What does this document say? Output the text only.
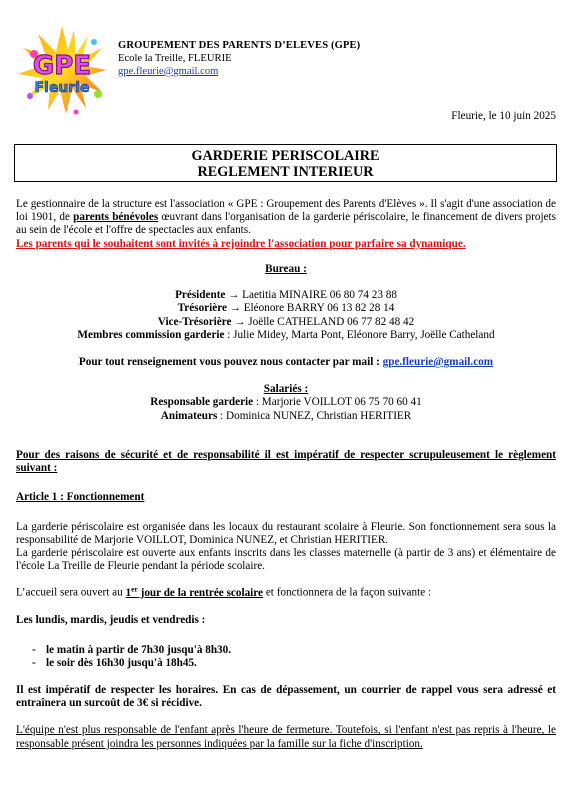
GPE
Fleurie
GROUPEMENT DES PARENTS D’ELEVES (GPE)
Ecole la Treille, FLEURIE
gpe.fleurie@gmail.com
Fleurie, le 10 juin 2025
GARDERIE PERISCOLAIRE
REGLEMENT INTERIEUR

Le gestionnaire de la structure est l'association « GPE : Groupement des Parents d'Elèves ». Il s'agit d'une association de loi 1901, de parents bénévoles œuvrant dans l'organisation de la garderie périscolaire, le financement de divers projets au sein de l'école et l'offre de spectacles aux enfants.

Les parents qui le souhaitent sont invités à rejoindre l'association pour parfaire sa dynamique.

Bureau :
Présidente → Laetitia MINAIRE 06 80 74 23 88
Trésorière → Eléonore BARRY 06 13 82 28 14
Vice-Trésorière → Joëlle CATHELAND 06 77 82 48 42
Membres commission garderie : Julie Midey, Marta Pont, Eléonore Barry, Joëlle Catheland
Pour tout renseignement vous pouvez nous contacter par mail : gpe.fleurie@gmail.com
Salariés :
Responsable garderie : Marjorie VOILLOT 06 75 70 60 41
Animateurs : Dominica NUNEZ, Christian HERITIER

Pour des raisons de sécurité et de responsabilité il est impératif de respecter scrupuleusement le règlement suivant :

Article 1 : Fonctionnement

La garderie périscolaire est organisée dans les locaux du restaurant scolaire à Fleurie. Son fonctionnement sera sous la responsabilité de Marjorie VOILLOT, Dominica NUNEZ, et Christian HERITIER.

La garderie périscolaire est ouverte aux enfants inscrits dans les classes maternelle (à partir de 3 ans) et élémentaire de l'école La Treille de Fleurie pendant la période scolaire.

L’accueil sera ouvert au 1er jour de la rentrée scolaire et fonctionnera de la façon suivante :

Les lundis, mardis, jeudis et vendredis :

- le matin à partir de 7h30 jusqu'à 8h30.
- le soir dès 16h30 jusqu'à 18h45.

Il est impératif de respecter les horaires. En cas de dépassement, un courrier de rappel vous sera adressé et entraînera un surcoût de 3€ si récidive.

L'équipe n'est plus responsable de l'enfant après l'heure de fermeture. Toutefois, si l'enfant n'est pas repris à l'heure, le responsable présent joindra les personnes indiquées par la famille sur la fiche d'inscription.
